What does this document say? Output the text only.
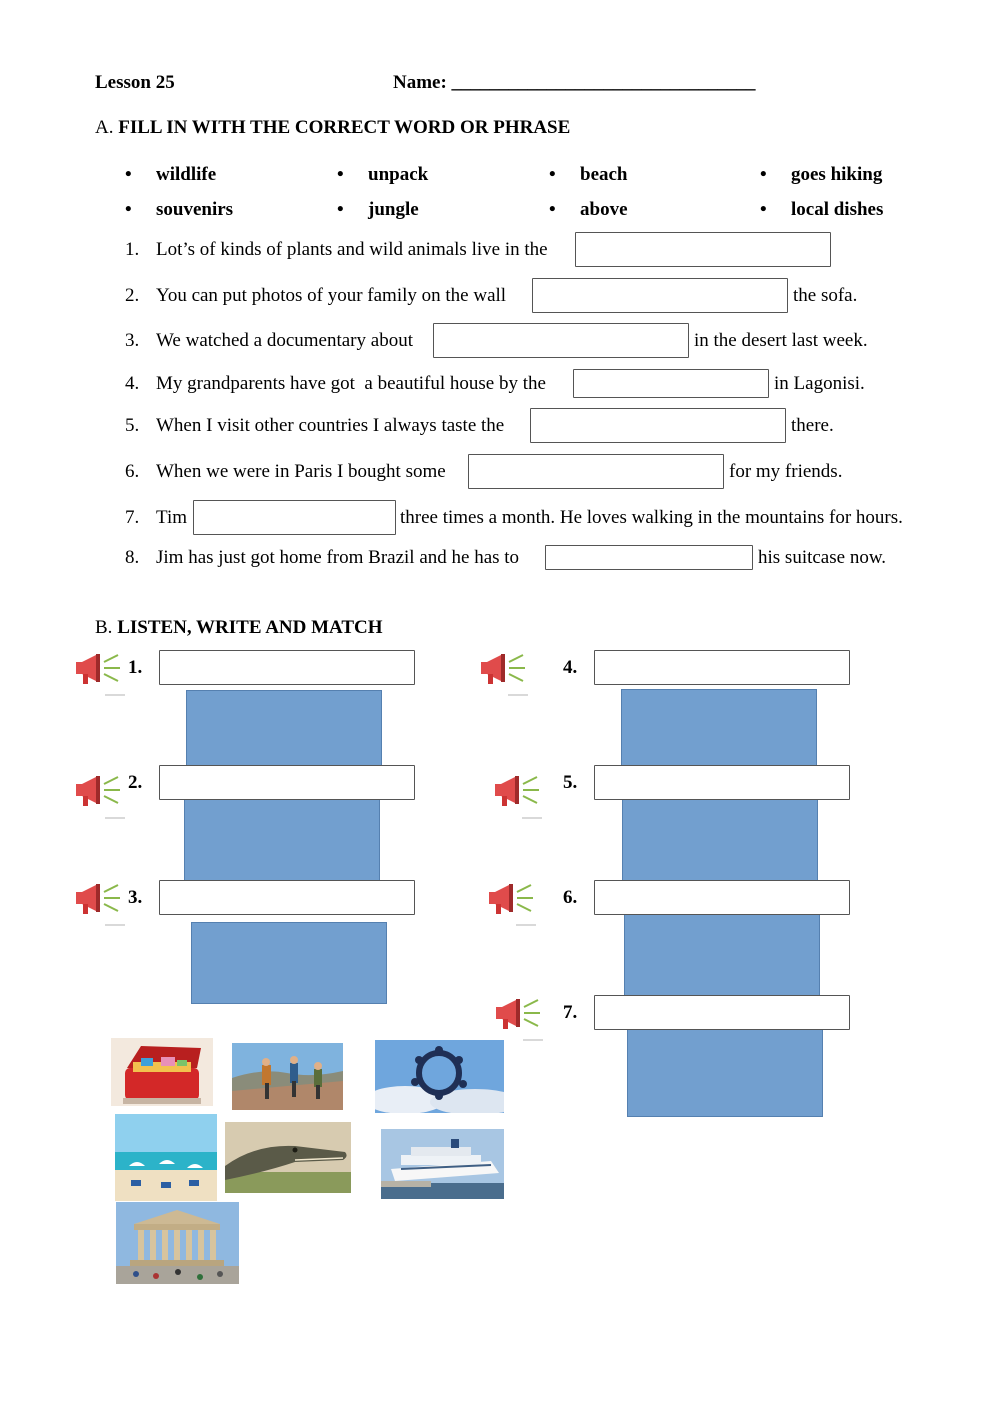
Lesson 25	Name: ________________________________
A. FILL IN WITH THE CORRECT WORD OR PHRASE
• wildlife	• unpack	• beach	• goes hiking
• souvenirs	• jungle	• above	• local dishes
1. Lot’s of kinds of plants and wild animals live in the
2. You can put photos of your family on the wall	the sofa.
3. We watched a documentary about	in the desert last week.
4. My grandparents have got  a beautiful house by the	in Lagonisi.
5. When I visit other countries I always taste the	there.
6. When we were in Paris I bought some	for my friends.
7. Tim	three times a month. He loves walking in the mountains for hours.
8. Jim has just got home from Brazil and he has to	his suitcase now.
B. LISTEN, WRITE AND MATCH
1.
2.
3.
4.
5.
6.
7.
